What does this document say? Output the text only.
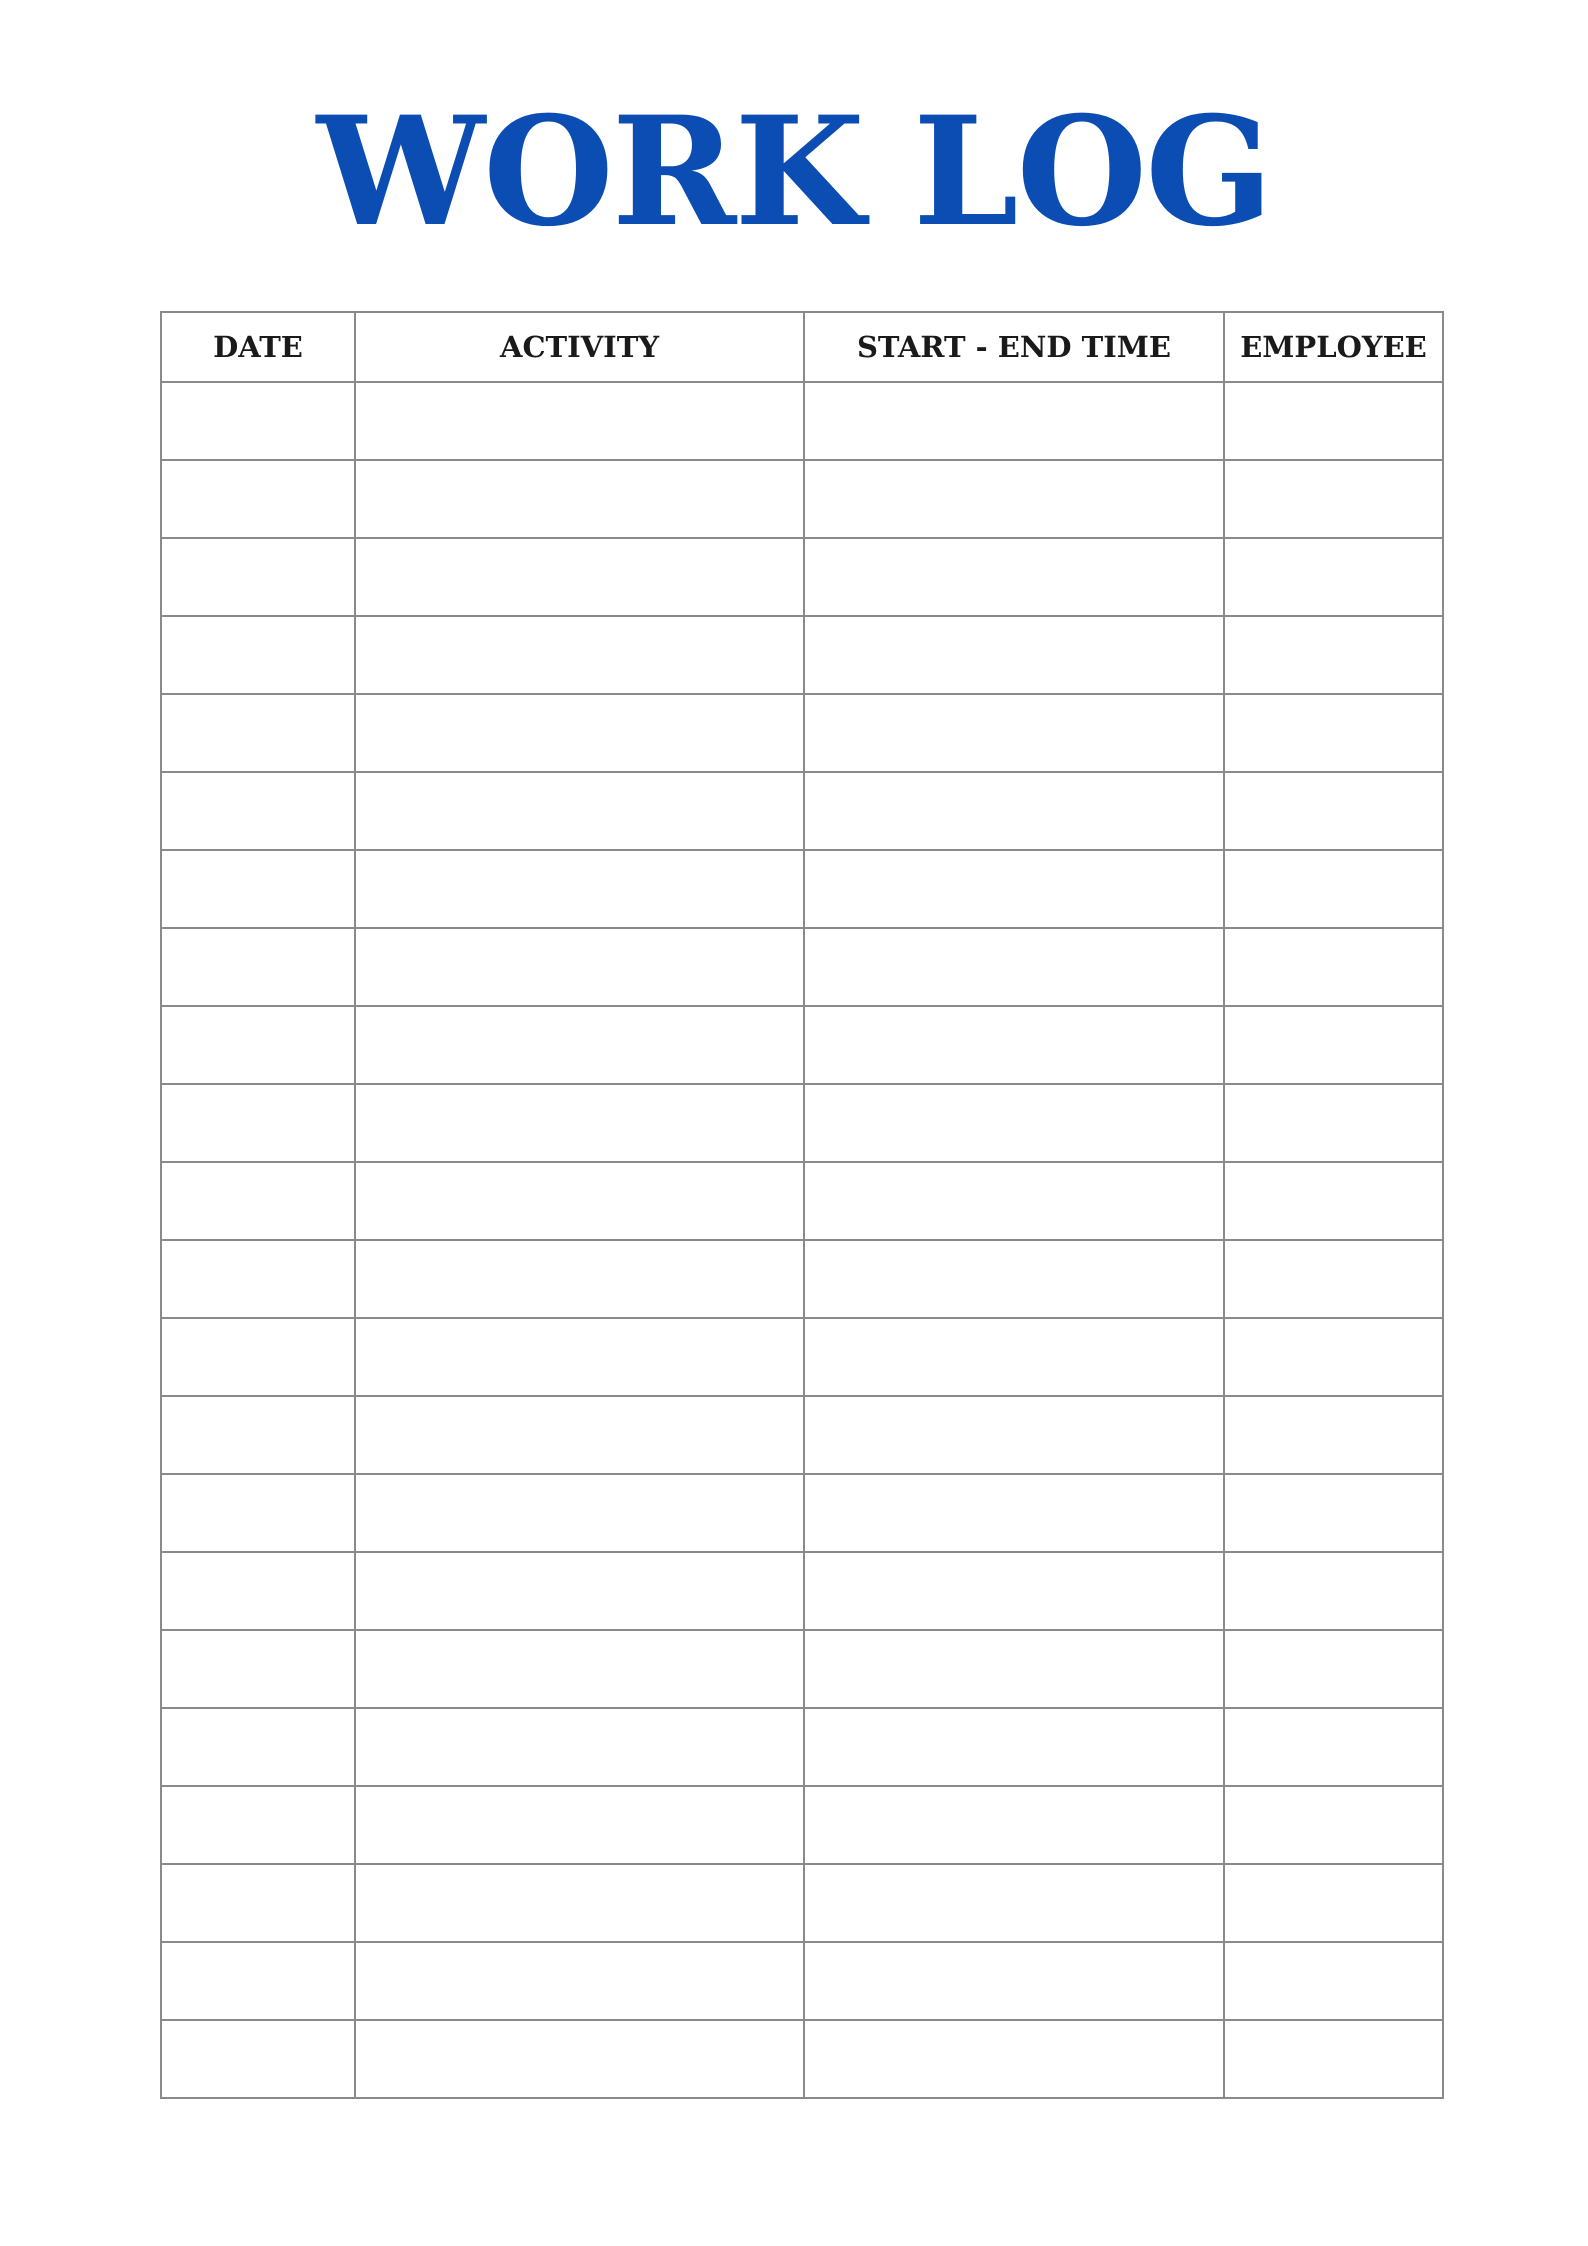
WORK LOG
DATE	ACTIVITY	START - END TIME	EMPLOYEE
